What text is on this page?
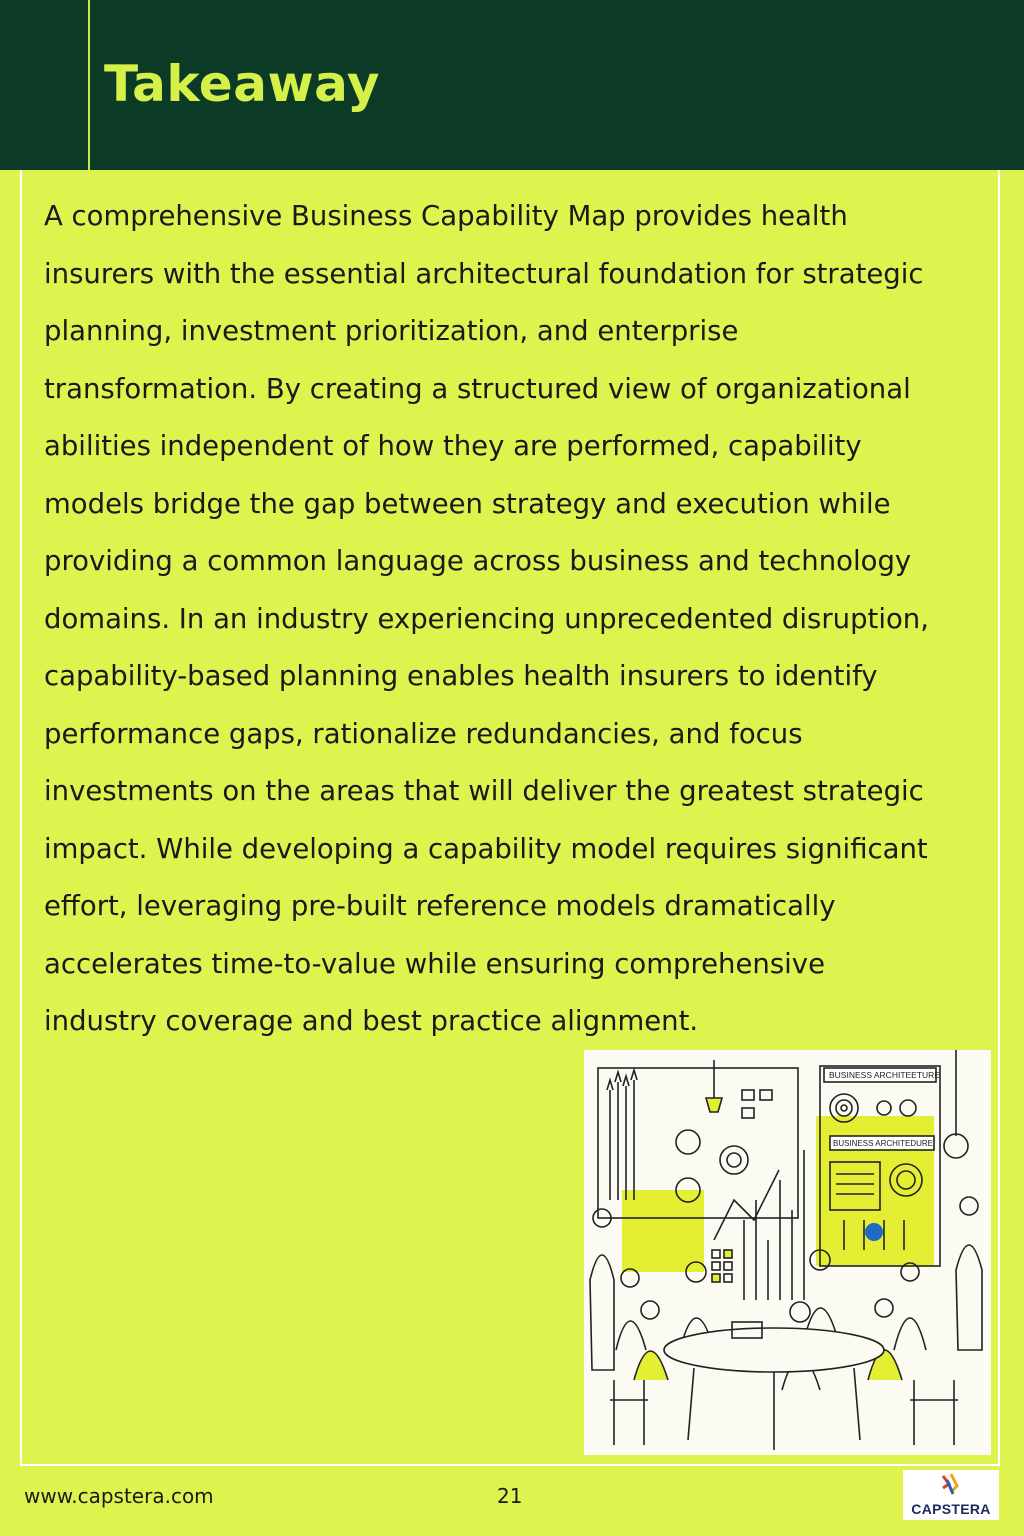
Takeaway

A comprehensive Business Capability Map provides health
insurers with the essential architectural foundation for strategic
planning, investment prioritization, and enterprise
transformation. By creating a structured view of organizational
abilities independent of how they are performed, capability
models bridge the gap between strategy and execution while
providing a common language across business and technology
domains. In an industry experiencing unprecedented disruption,
capability-based planning enables health insurers to identify
performance gaps, rationalize redundancies, and focus
investments on the areas that will deliver the greatest strategic
impact. While developing a capability model requires significant
effort, leveraging pre-built reference models dramatically
accelerates time-to-value while ensuring comprehensive
industry coverage and best practice alignment.

BUSINESS ARCHITEETURE
BUSINESS ARCHITEDURE
www.capstera.com	21
CAPSTERA
